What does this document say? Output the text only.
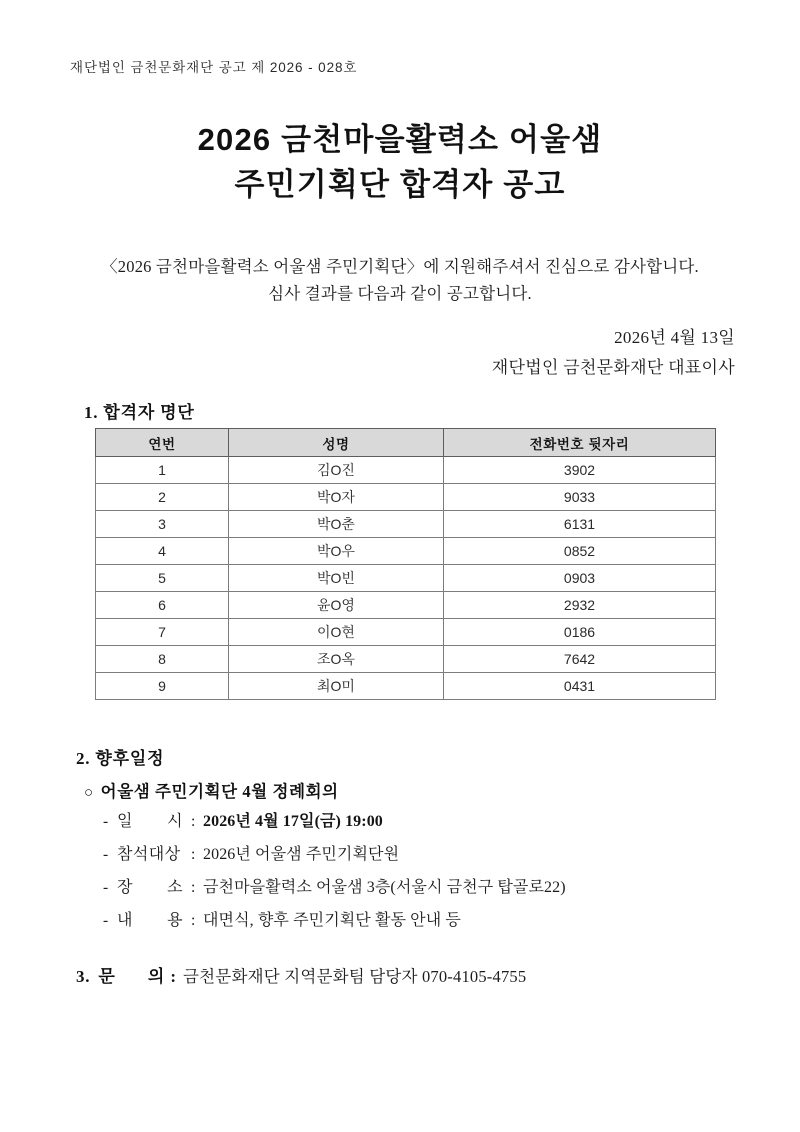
재단법인 금천문화재단 공고 제 2026 - 028호
2026 금천마을활력소 어울샘
주민기획단 합격자 공고
〈2026 금천마을활력소 어울샘 주민기획단〉에 지원해주셔서 진심으로 감사합니다.
심사 결과를 다음과 같이 공고합니다.
2026년 4월 13일
재단법인 금천문화재단 대표이사
1. 합격자 명단
연번	성명	전화번호 뒷자리
1	김O진	3902
2	박O자	9033
3	박O춘	6131
4	박O우	0852
5	박O빈	0903
6	윤O영	2932
7	이O현	0186
8	조O옥	7642
9	최O미	0431
2. 향후일정
○ 어울샘 주민기획단 4월 정례회의
- 일 시 : 2026년 4월 17일(금) 19:00
- 참석대상 : 2026년 어울샘 주민기획단원
- 장 소 : 금천마을활력소 어울샘 3층(서울시 금천구 탑골로22)
- 내 용 : 대면식, 향후 주민기획단 활동 안내 등
3. 문 의 : 금천문화재단 지역문화팀 담당자 070-4105-4755
